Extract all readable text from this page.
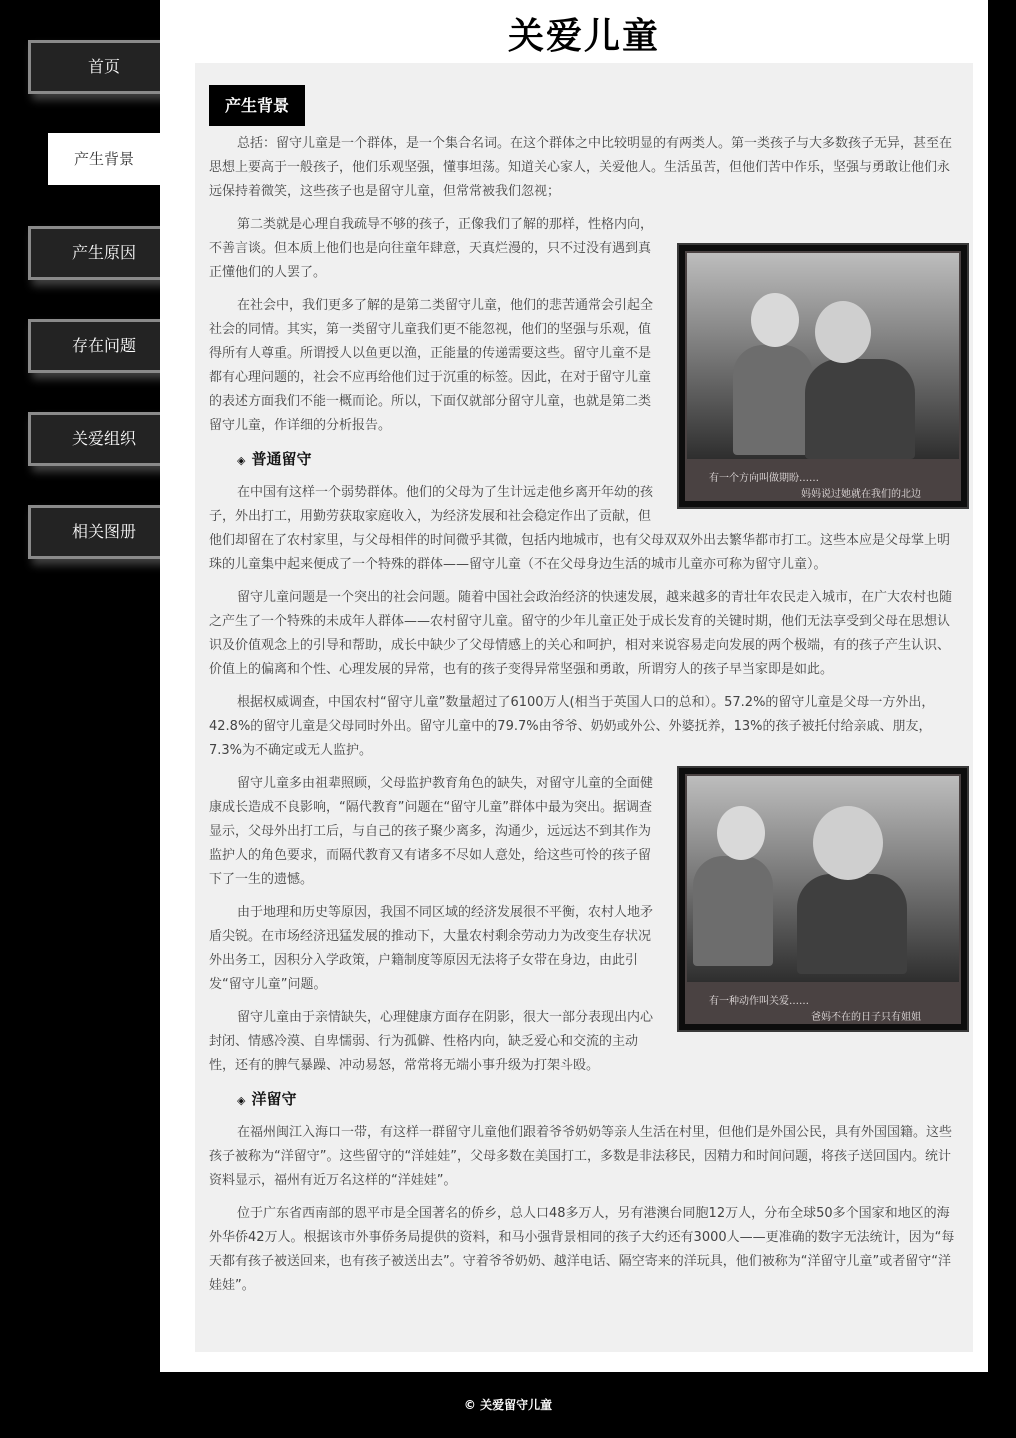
首页
产生背景
产生原因
存在问题
关爱组织
相关图册
关爱儿童
产生背景

总括：留守儿童是一个群体，是一个集合名词。在这个群体之中比较明显的有两类人。第一类孩子与大多数孩子无异，甚至在思想上要高于一般孩子，他们乐观坚强，懂事坦荡。知道关心家人，关爱他人。生活虽苦，但他们苦中作乐，坚强与勇敢让他们永远保持着微笑，这些孩子也是留守儿童，但常常被我们忽视；

有一个方向叫做期盼……
妈妈说过她就在我们的北边

第二类就是心理自我疏导不够的孩子，正像我们了解的那样，性格内向，不善言谈。但本质上他们也是向往童年肆意，天真烂漫的，只不过没有遇到真正懂他们的人罢了。

在社会中，我们更多了解的是第二类留守儿童，他们的悲苦通常会引起全社会的同情。其实，第一类留守儿童我们更不能忽视，他们的坚强与乐观，值得所有人尊重。所谓授人以鱼更以渔，正能量的传递需要这些。留守儿童不是都有心理问题的，社会不应再给他们过于沉重的标签。因此，在对于留守儿童的表述方面我们不能一概而论。所以，下面仅就部分留守儿童，也就是第二类留守儿童，作详细的分析报告。

◈ 普通留守

在中国有这样一个弱势群体。他们的父母为了生计远走他乡离开年幼的孩子，外出打工，用勤劳获取家庭收入，为经济发展和社会稳定作出了贡献，但他们却留在了农村家里，与父母相伴的时间微乎其微，包括内地城市，也有父母双双外出去繁华都市打工。这些本应是父母掌上明珠的儿童集中起来便成了一个特殊的群体——留守儿童（不在父母身边生活的城市儿童亦可称为留守儿童）。

留守儿童问题是一个突出的社会问题。随着中国社会政治经济的快速发展，越来越多的青壮年农民走入城市，在广大农村也随之产生了一个特殊的未成年人群体——农村留守儿童。留守的少年儿童正处于成长发育的关键时期，他们无法享受到父母在思想认识及价值观念上的引导和帮助，成长中缺少了父母情感上的关心和呵护，相对来说容易走向发展的两个极端，有的孩子产生认识、价值上的偏离和个性、心理发展的异常，也有的孩子变得异常坚强和勇敢，所谓穷人的孩子早当家即是如此。

根据权威调查，中国农村“留守儿童”数量超过了6100万人(相当于英国人口的总和）。57.2%的留守儿童是父母一方外出，42.8%的留守儿童是父母同时外出。留守儿童中的79.7%由爷爷、奶奶或外公、外婆抚养，13%的孩子被托付给亲戚、朋友，7.3%为不确定或无人监护。

有一种动作叫关爱……
爸妈不在的日子只有姐姐

留守儿童多由祖辈照顾，父母监护教育角色的缺失，对留守儿童的全面健康成长造成不良影响，“隔代教育”问题在“留守儿童”群体中最为突出。据调查显示，父母外出打工后，与自己的孩子聚少离多，沟通少，远远达不到其作为监护人的角色要求，而隔代教育又有诸多不尽如人意处，给这些可怜的孩子留下了一生的遗憾。

由于地理和历史等原因，我国不同区域的经济发展很不平衡，农村人地矛盾尖锐。在市场经济迅猛发展的推动下，大量农村剩余劳动力为改变生存状况外出务工，因积分入学政策，户籍制度等原因无法将子女带在身边，由此引发“留守儿童”问题。

留守儿童由于亲情缺失，心理健康方面存在阴影，很大一部分表现出内心封闭、情感冷漠、自卑懦弱、行为孤僻、性格内向，缺乏爱心和交流的主动性，还有的脾气暴躁、冲动易怒，常常将无端小事升级为打架斗殴。

◈ 洋留守

在福州闽江入海口一带，有这样一群留守儿童他们跟着爷爷奶奶等亲人生活在村里，但他们是外国公民，具有外国国籍。这些孩子被称为“洋留守”。这些留守的“洋娃娃”，父母多数在美国打工，多数是非法移民，因精力和时间问题，将孩子送回国内。统计资料显示，福州有近万名这样的“洋娃娃”。

位于广东省西南部的恩平市是全国著名的侨乡，总人口48多万人，另有港澳台同胞12万人，分布全球50多个国家和地区的海外华侨42万人。根据该市外事侨务局提供的资料，和马小强背景相同的孩子大约还有3000人——更准确的数字无法统计，因为“每天都有孩子被送回来，也有孩子被送出去”。守着爷爷奶奶、越洋电话、隔空寄来的洋玩具，他们被称为“洋留守儿童”或者留守“洋娃娃”。

© 关爱留守儿童
